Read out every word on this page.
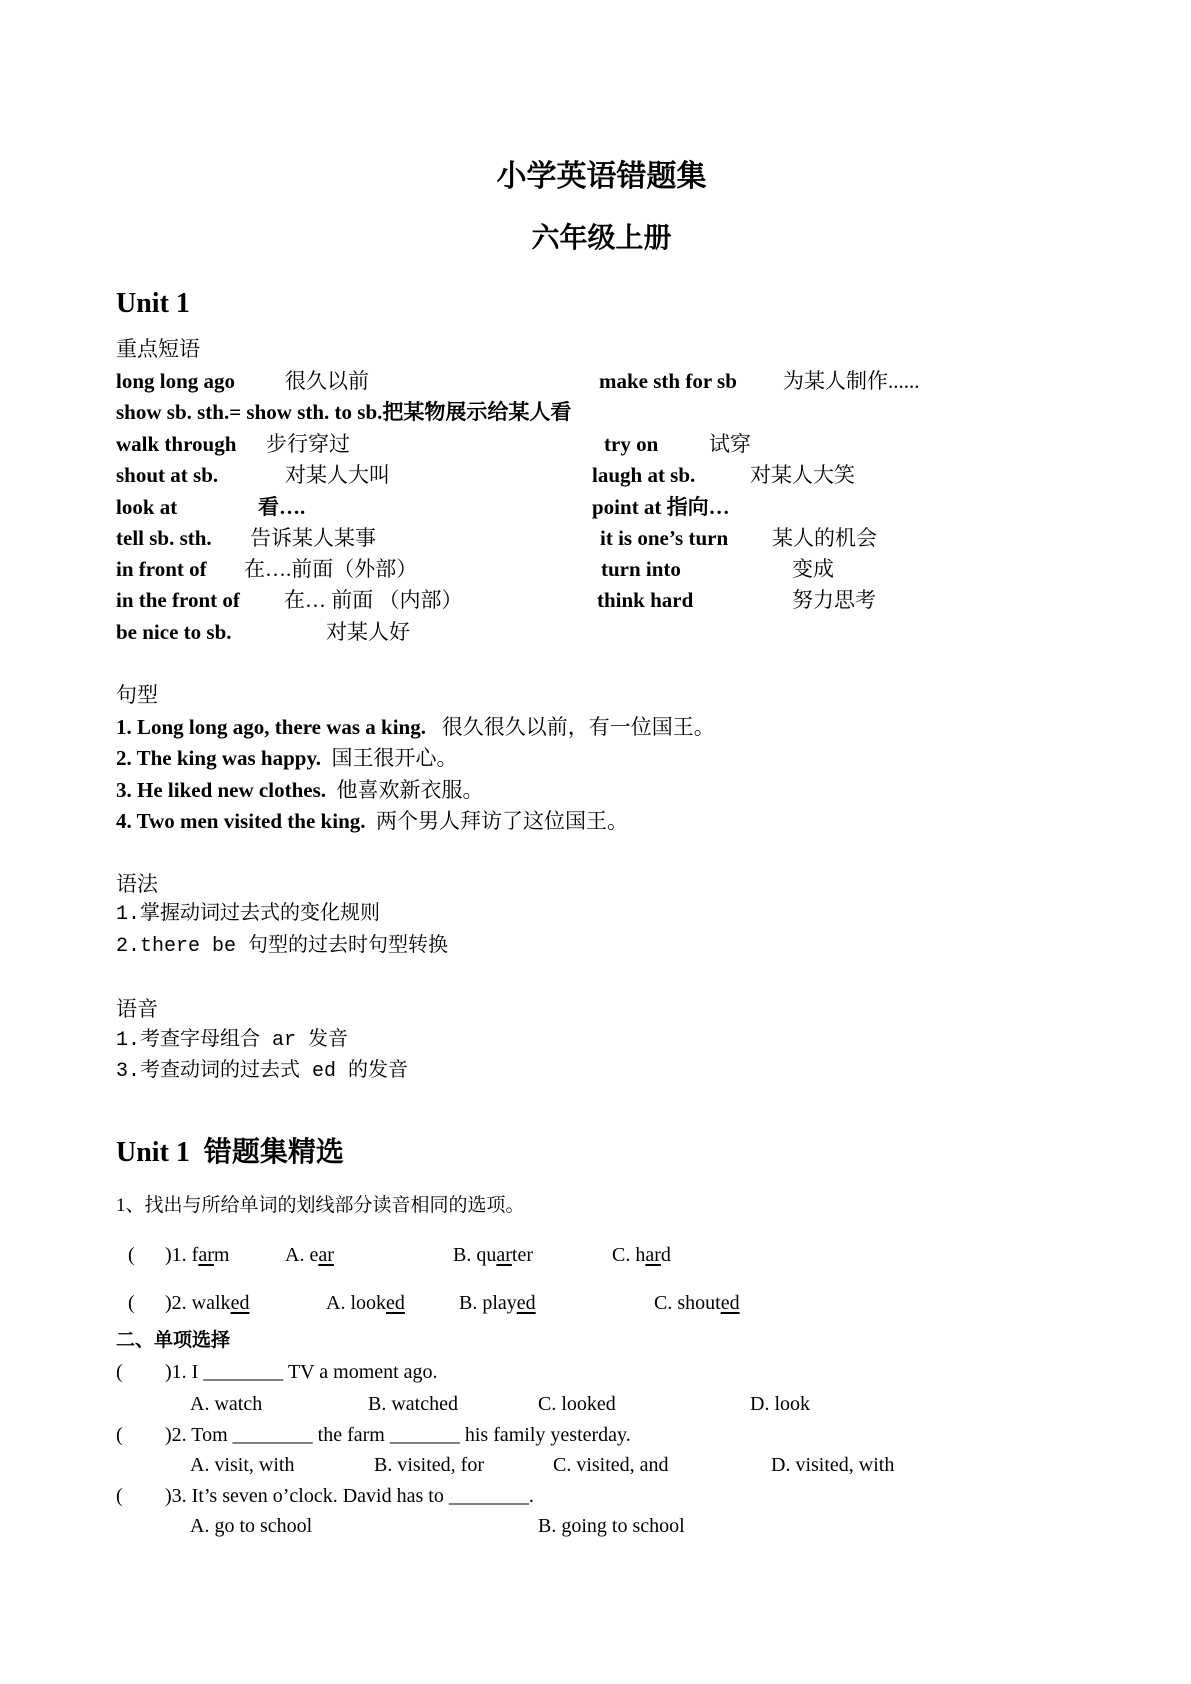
小学英语错题集
六年级上册
Unit 1
重点短语
long long ago 很久以前	make sth for sb 为某人制作......
show sb. sth.= show sth. to sb.把某物展示给某人看
walk through 步行穿过	try on 试穿
shout at sb.	对某人大叫	laugh at sb.	对某人大笑
look at	看….	point at 指向…
tell sb. sth. 告诉某人某事	it is one’s turn 某人的机会
in front of 在….前面（外部）	turn into	变成
in the front of 在… 前面 （内部）	think hard	努力思考
be nice to sb.	对某人好
句型
1. Long long ago, there was a king. 很久很久以前，有一位国王。
2. The king was happy. 国王很开心。
3. He liked new clothes. 他喜欢新衣服。
4. Two men visited the king. 两个男人拜访了这位国王。
语法
1.掌握动词过去式的变化规则
2.there be 句型的过去时句型转换
语音
1.考查字母组合 ar 发音
3.考查动词的过去式 ed 的发音
Unit 1  错题集精选
1、找出与所给单词的划线部分读音相同的选项。
( )1. farm	A. ear	B. quarter	C. hard
( )2. walked	A. looked	B. played	C. shouted
二、单项选择
( )1. I ________ TV a moment ago.
A. watch	B. watched	C. looked	D. look
( )2. Tom ________ the farm _______ his family yesterday.
A. visit, with	B. visited, for	C. visited, and	D. visited, with
( )3. It’s seven o’clock. David has to ________.
A. go to school	B. going to school
